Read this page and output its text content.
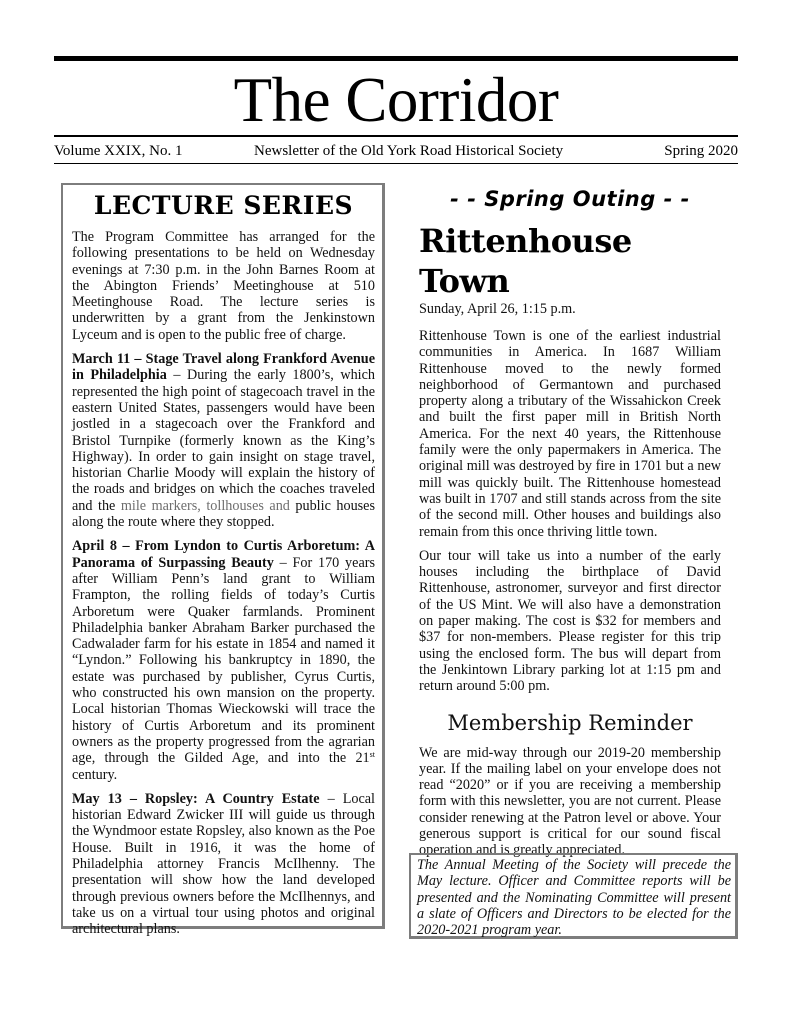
The Corridor
Volume XXIX, No. 1	Newsletter of the Old York Road Historical Society	Spring 2020
LECTURE SERIES

The Program Committee has arranged for the following presentations to be held on Wednesday evenings at 7:30 p.m. in the John Barnes Room at the Abington Friends’ Meetinghouse at 510 Meetinghouse Road. The lecture series is underwritten by a grant from the Jenkinstown Lyceum and is open to the public free of charge.

March 11 – Stage Travel along Frankford Avenue in Philadelphia – During the early 1800’s, which represented the high point of stagecoach travel in the eastern United States, passengers would have been jostled in a stagecoach over the Frankford and Bristol Turnpike (formerly known as the King’s Highway). In order to gain insight on stage travel, historian Charlie Moody will explain the history of the roads and bridges on which the coaches traveled and the mile markers, tollhouses and public houses along the route where they stopped.

April 8 – From Lyndon to Curtis Arboretum: A Panorama of Surpassing Beauty – For 170 years after William Penn’s land grant to William Frampton, the rolling fields of today’s Curtis Arboretum were Quaker farmlands. Prominent Philadelphia banker Abraham Barker purchased the Cadwalader farm for his estate in 1854 and named it “Lyndon.” Following his bankruptcy in 1890, the estate was purchased by publisher, Cyrus Curtis, who constructed his own mansion on the property. Local historian Thomas Wieckowski will trace the history of Curtis Arboretum and its prominent owners as the property progressed from the agrarian age, through the Gilded Age, and into the 21st century.

May 13 – Ropsley: A Country Estate – Local historian Edward Zwicker III will guide us through the Wyndmoor estate Ropsley, also known as the Poe House. Built in 1916, it was the home of Philadelphia attorney Francis McIlhenny. The presentation will show how the land developed through previous owners before the McIlhennys, and take us on a virtual tour using photos and original architectural plans.

- - Spring Outing - -
Rittenhouse Town

Sunday, April 26, 1:15 p.m.

Rittenhouse Town is one of the earliest industrial communities in America. In 1687 William Rittenhouse moved to the newly formed neighborhood of Germantown and purchased property along a tributary of the Wissahickon Creek and built the first paper mill in British North America. For the next 40 years, the Rittenhouse family were the only papermakers in America. The original mill was destroyed by fire in 1701 but a new mill was quickly built. The Rittenhouse homestead was built in 1707 and still stands across from the site of the second mill. Other houses and buildings also remain from this once thriving little town.

Our tour will take us into a number of the early houses including the birthplace of David Rittenhouse, astronomer, surveyor and first director of the US Mint. We will also have a demonstration on paper making. The cost is $32 for members and $37 for non-members. Please register for this trip using the enclosed form. The bus will depart from the Jenkintown Library parking lot at 1:15 pm and return around 5:00 pm.

Membership Reminder

We are mid-way through our 2019-20 membership year. If the mailing label on your envelope does not read “2020” or if you are receiving a membership form with this newsletter, you are not current. Please consider renewing at the Patron level or above. Your generous support is critical for our sound fiscal operation and is greatly appreciated.

The Annual Meeting of the Society will precede the May lecture. Officer and Committee reports will be presented and the Nominating Committee will present a slate of Officers and Directors to be elected for the 2020-2021 program year.
